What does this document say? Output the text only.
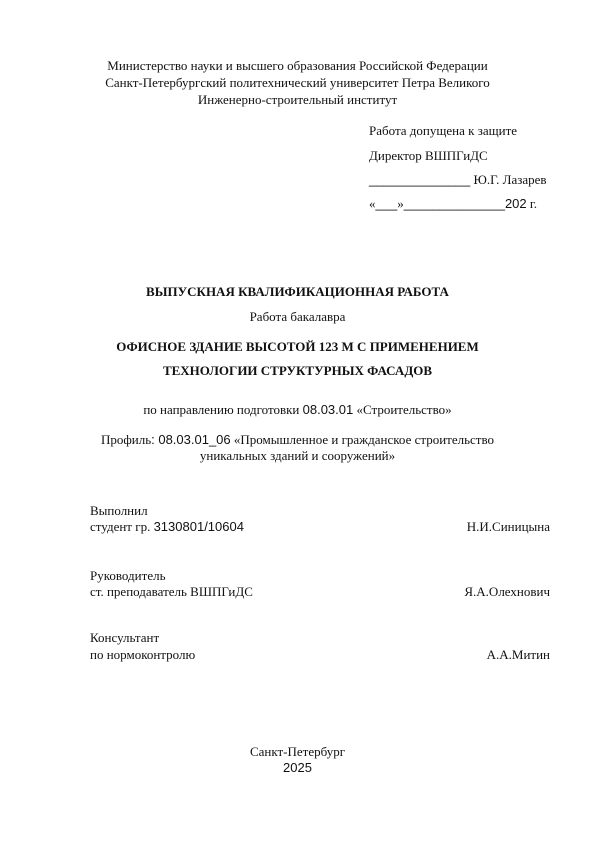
Министерство науки и высшего образования Российской Федерации
Санкт-Петербургский политехнический университет Петра Великого
Инженерно-строительный институт
Работа допущена к защите
Директор ВШПГиДС
______________ Ю.Г. Лазарев
«___»______________202 г.
ВЫПУСКНАЯ КВАЛИФИКАЦИОННАЯ РАБОТА
Работа бакалавра
ОФИСНОЕ ЗДАНИЕ ВЫСОТОЙ 123 М С ПРИМЕНЕНИЕМ
ТЕХНОЛОГИИ СТРУКТУРНЫХ ФАСАДОВ
по направлению подготовки 08.03.01 «Строительство»
Профиль: 08.03.01_06 «Промышленное и гражданское строительство
уникальных зданий и сооружений»
Выполнил
студент гр. 3130801/10604	Н.И.Синицына
Руководитель
ст. преподаватель ВШПГиДС	Я.А.Олехнович
Консультант
по нормоконтролю	А.А.Митин
Санкт-Петербург
2025
